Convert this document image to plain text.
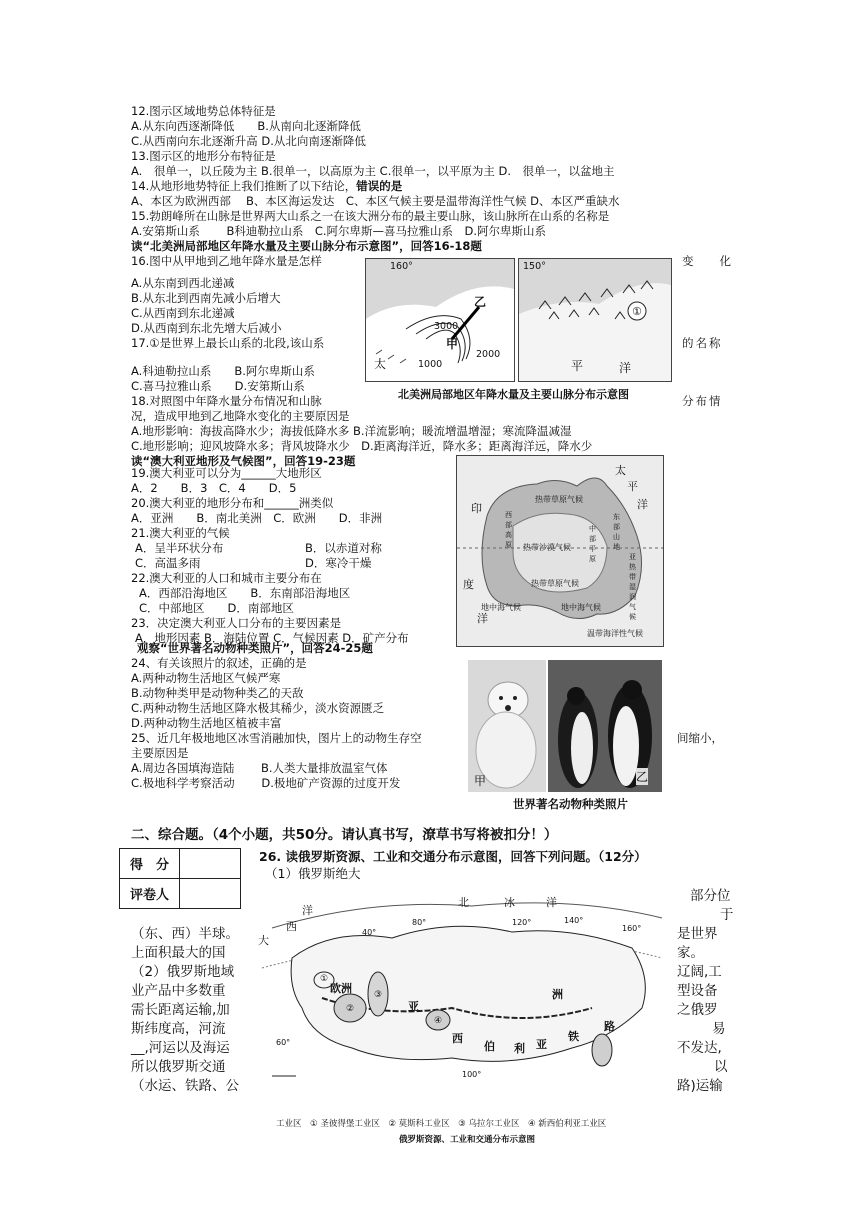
12.图示区域地势总体特征是
A.从东向西逐渐降低　　B.从南向北逐渐降低
C.从西南向东北逐渐升高 D.从北向南逐渐降低
13.图示区的地形分布特征是
A.　很单一，以丘陵为主 B.很单一，以高原为主 C.很单一，以平原为主 D.　很单一，以盆地主
14.从地形地势特征上我们推断了以下结论，错误的是
A、本区为欧洲西部　 B、本区海运发达　C、本区气候主要是温带海洋性气候 D、本区严重缺水
15.勃朗峰所在山脉是世界两大山系之一在该大洲分布的最主要山脉，该山脉所在山系的名称是
A.安第斯山系　　 B科迪勒拉山系　C.阿尔卑斯—喜马拉雅山系　D.阿尔卑斯山系
读“北美洲局部地区年降水量及主要山脉分布示意图”，回答16-18题
16.图中从甲地到乙地年降水量是怎样	变　　化
A.从东南到西北递减
B.从东北到西南先减小后增大
C.从西南到东北递减
D.从西南到东北先增大后减小
17.①是世界上最长山系的北段,该山系	的名称
A.科迪勒拉山系　　B.阿尔卑斯山系
C.喜马拉雅山系　　D.安第斯山系
18.对照图中年降水量分布情况和山脉	分布情
况，造成甲地到乙地降水变化的主要原因是
A.地形影响：海拔高降水少；海拔低降水多 B.洋流影响；暖流增温增湿；寒流降温减湿
C.地形影响；迎风坡降水多；背风坡降水少　D.距离海洋近，降水多；距离海洋远，降水少
乙
甲
太	1000
3000
2000
160°
①
平	洋
150°
北美洲局部地区年降水量及主要山脉分布示意图
读“澳大利亚地形及气候图”，回答19-23题
19.澳大利亚可以分为______大地形区
A．2　　B．3　C．4　　D．5
20.澳大利亚的地形分布和______洲类似
A．亚洲　　B．南北美洲　C．欧洲　　D．非洲
21.澳大利亚的气候
A．呈半环状分布	B．以赤道对称
C．高温多雨	D．寒冷干燥
22.澳大利亚的人口和城市主要分布在
A．西部沿海地区　　B．东南部沿海地区
C．中部地区　　D．南部地区
23．决定澳大利亚人口分布的主要因素是
A．地形因素 B．海陆位置 C．气候因素 D．矿产分布
太
平
洋
印
度
洋
热带草原气候
热带沙漠气候
热带草原气候
地中海气候	地中海气候
温带海洋性气候
西部高原
中部平原
东部山地
亚热带湿润气候
观察“世界著名动物种类照片”，回答24-25题
24、有关该照片的叙述，正确的是
A.两种动物生活地区气候严寒
B.动物种类甲是动物种类乙的天敌
C.两种动物生活地区降水极其稀少，淡水资源匮乏
D.两种动物生活地区植被丰富
25、近几年极地地区冰雪消融加快，图片上的动物生存空	间缩小，
主要原因是
A.周边各国填海造陆　　 B.人类大量排放温室气体
C.极地科学考察活动　　 D.极地矿产资源的过度开发	甲	乙
世界著名动物种类照片
二、综合题。（4个小题，共50分。请认真书写，潦草书写将被扣分！）
得　分	
评卷人	
26. 读俄罗斯资源、工业和交通分布示意图，回答下列问题。（12分）
（1）俄罗斯绝大
部分位
于
（东、西）半球。	是世界
上面积最大的国	家。
（2）俄罗斯地域	辽阔,工
业产品中多数重	型设备
需长距离运输,加	之俄罗
斯纬度高，河流	易
__,河运以及海运	不发达,
所以俄罗斯交通	以
（水运、铁路、公	路)运输
北	冰	洋
大
西
洋
欧洲
亚
洲
西
伯 利 亚
铁
路
①
②
③
④
60°
40°
80°
100°
120°	140°
160°
工业区　① 圣彼得堡工业区　② 莫斯科工业区　③ 乌拉尔工业区　④ 新西伯利亚工业区
俄罗斯资源、工业和交通分布示意图
